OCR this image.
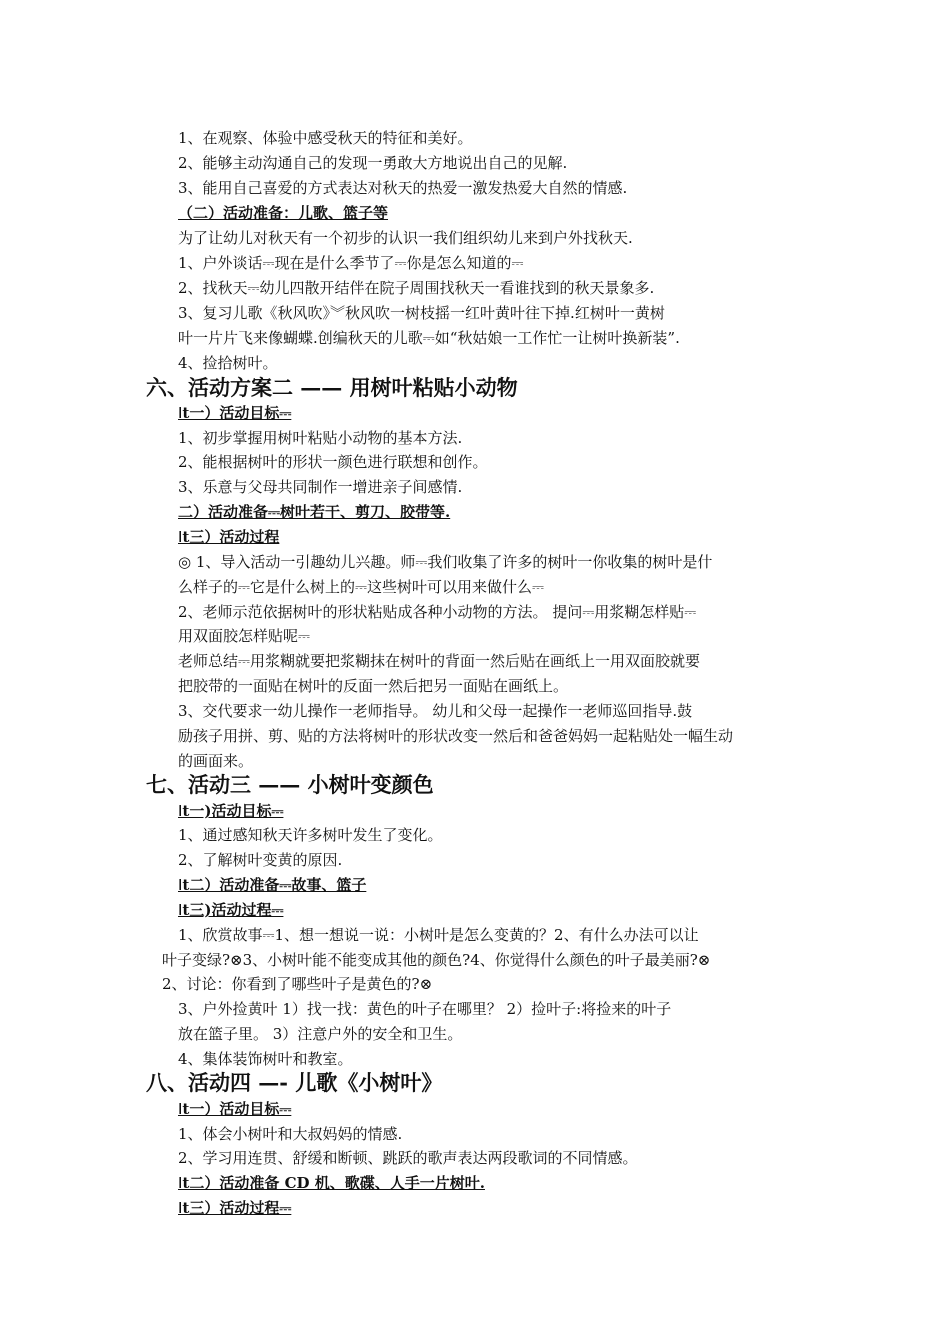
1、在观察、体验中感受秋天的特征和美好。
2、能够主动沟通自己的发现一勇敢大方地说出自己的见解.
3、能用自己喜爱的方式表达对秋天的热爱一激发热爱大自然的情感.
（二）活动准备：儿歌、篮子等
为了让幼儿对秋天有一个初步的认识一我们组织幼儿来到户外找秋天.
1、户外谈话⎓现在是什么季节了⎓你是怎么知道的⎓
2、找秋天⎓幼儿四散开结伴在院子周围找秋天一看谁找到的秋天景象多.
3、复习儿歌《秋风吹》︾秋风吹一树枝摇一红叶黄叶往下掉.红树叶一黄树
叶一片片飞来像蝴蝶.创编秋天的儿歌⎓如“秋姑娘一工作忙一让树叶换新装”.
4、捡拾树叶。
六、活动方案二 —— 用树叶粘贴小动物
ǀt一）活动目标⎓
1、初步掌握用树叶粘贴小动物的基本方法.
2、能根据树叶的形状一颜色进行联想和创作。
3、乐意与父母共同制作一增进亲子间感情.
二）活动准备⎓树叶若干、剪刀、胶带等.
ǀt三）活动过程
◎ 1、导入活动一引趣幼儿兴趣。师⎓我们收集了许多的树叶一你收集的树叶是什
么样子的⎓它是什么树上的⎓这些树叶可以用来做什么⎓
2、老师示范依据树叶的形状粘贴成各种小动物的方法。 提问⎓用浆糊怎样贴⎓
用双面胶怎样贴呢⎓
老师总结⎓用浆糊就要把浆糊抹在树叶的背面一然后贴在画纸上一用双面胶就要
把胶带的一面贴在树叶的反面一然后把另一面贴在画纸上。
3、交代要求一幼儿操作一老师指导。 幼儿和父母一起操作一老师巡回指导.鼓
励孩子用拼、剪、贴的方法将树叶的形状改变一然后和爸爸妈妈一起粘贴处一幅生动
的画面来。
七、活动三 —— 小树叶变颜色
ǀt一)活动目标⎓
1、通过感知秋天许多树叶发生了变化。
2、了解树叶变黄的原因.
ǀt二）活动准备⎓故事、篮子
ǀt三)活动过程⎓
1、欣赏故事⎓1、想一想说一说：小树叶是怎么变黄的？2、有什么办法可以让
叶子变绿?⊗3、小树叶能不能变成其他的颜色?4、你觉得什么颜色的叶子最美丽?⊗
2、讨论：你看到了哪些叶子是黄色的?⊗
3、户外捡黄叶 1）找一找：黄色的叶子在哪里？ 2）捡叶子:将捡来的叶子
放在篮子里。 3）注意户外的安全和卫生。
4、集体装饰树叶和教室。
八、活动四 —- 儿歌《小树叶》
ǀt一）活动目标⎓
1、体会小树叶和大叔妈妈的情感.
2、学习用连贯、舒缓和断顿、跳跃的歌声表达两段歌词的不同情感。
ǀt二）活动准备 CD 机、歌碟、人手一片树叶.
ǀt三）活动过程⎓
